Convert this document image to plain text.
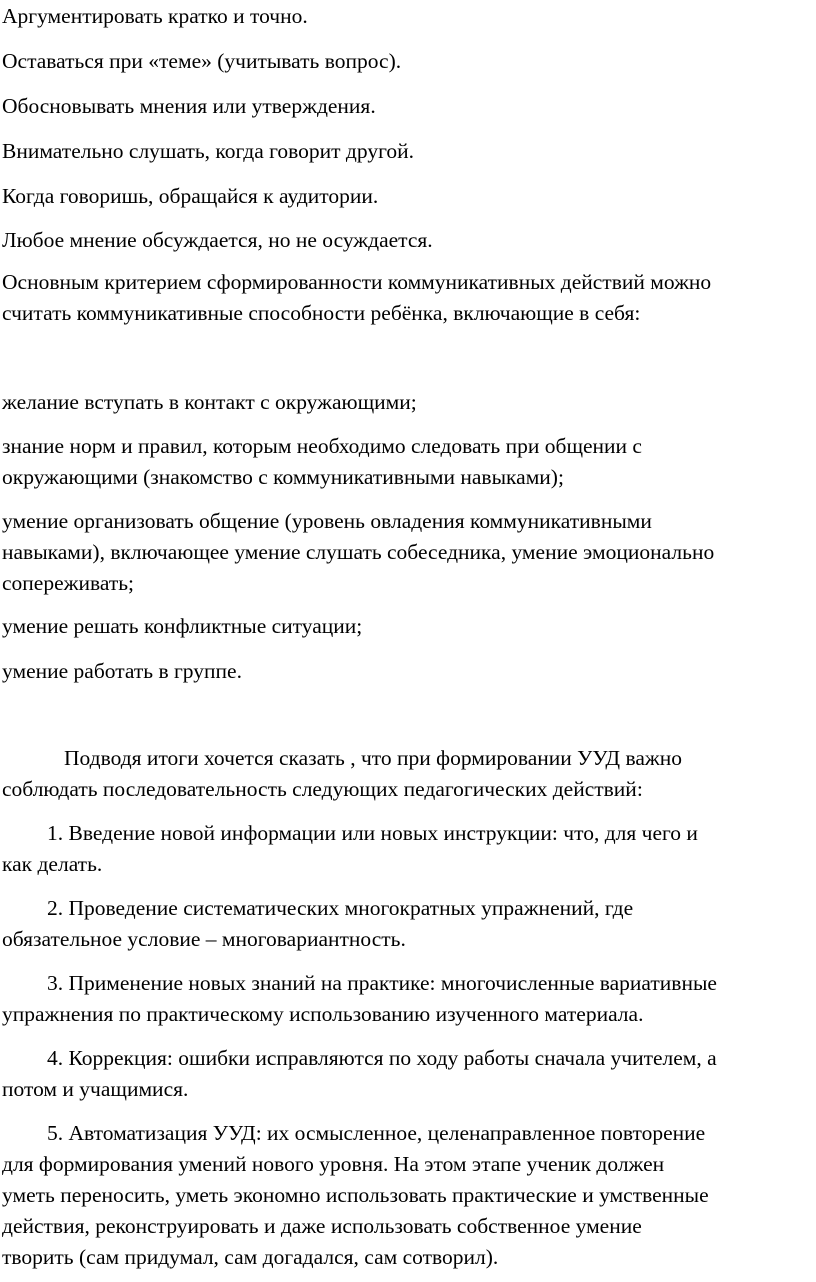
Аргументировать кратко и точно.
Оставаться при «теме» (учитывать вопрос).
Обосновывать мнения или утверждения.
Внимательно слушать, когда говорит другой.
Когда говоришь, обращайся к аудитории.
Любое мнение обсуждается, но не осуждается.
Основным критерием сформированности коммуникативных действий можно
считать коммуникативные способности ребёнка, включающие в себя:
желание вступать в контакт с окружающими;
знание норм и правил, которым необходимо следовать при общении с
окружающими (знакомство с коммуникативными навыками);
умение организовать общение (уровень овладения коммуникативными
навыками), включающее умение слушать собеседника, умение эмоционально
сопереживать;
умение решать конфликтные ситуации;
умение работать в группе.
Подводя итоги хочется сказать , что при формировании УУД важно
соблюдать последовательность следующих педагогических действий:
1. Введение новой информации или новых инструкции: что, для чего и
как делать.
2. Проведение систематических многократных упражнений, где
обязательное условие – многовариантность.
3. Применение новых знаний на практике: многочисленные вариативные
упражнения по практическому использованию изученного материала.
4. Коррекция: ошибки исправляются по ходу работы сначала учителем, а
потом и учащимися.
5. Автоматизация УУД: их осмысленное, целенаправленное повторение
для формирования умений нового уровня. На этом этапе ученик должен
уметь переносить, уметь экономно использовать практические и умственные
действия, реконструировать и даже использовать собственное умение
творить (сам придумал, сам догадался, сам сотворил).
